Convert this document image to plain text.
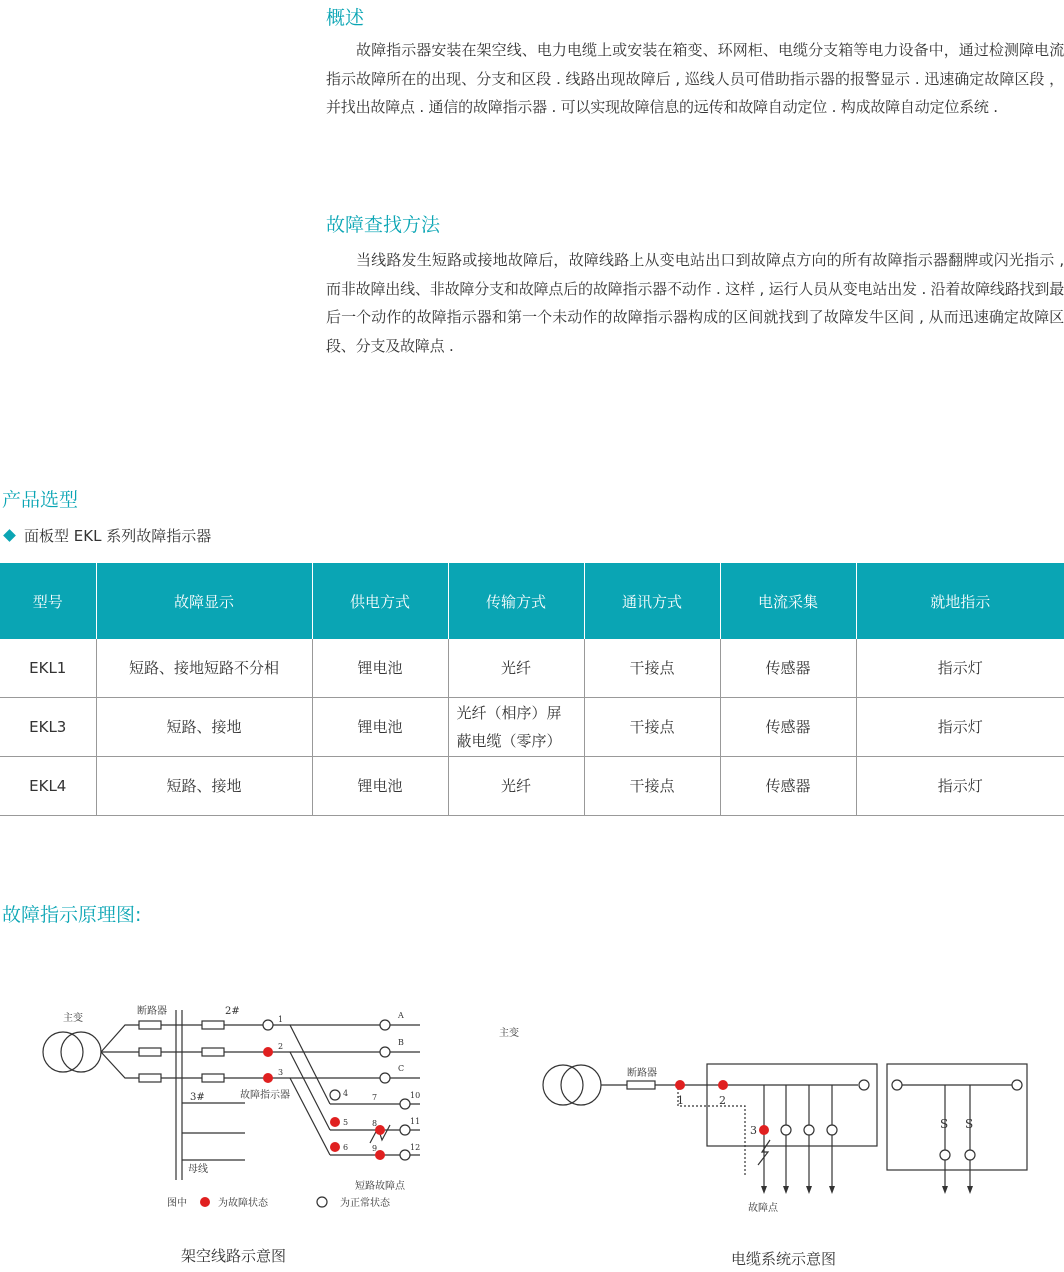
概述

故障指示器安装在架空线、电力电缆上或安装在箱变、环网柜、电缆分支箱等电力设备中，通过检测障电流指示故障所在的出现、分支和区段 . 线路出现故障后 , 巡线人员可借助指示器的报警显示 . 迅速确定故障区段 ， 并找出故障点 . 通信的故障指示器 . 可以实现故障信息的远传和故障自动定位 . 构成故障自动定位系统 .

故障查找方法

当线路发生短路或接地故障后，故障线路上从变电站出口到故障点方向的所有故障指示器翻牌或闪光指示 , 而非故障出线、非故障分支和故障点后的故障指示器不动作 . 这样 , 运行人员从变电站出发 . 沿着故障线路找到最后一个动作的故障指示器和第一个未动作的故障指示器构成的区间就找到了故障发牛区间 , 从而迅速确定故障区段、分支及故障点 .

产品选型
面板型 EKL 系列故障指示器
型号	故障显示	供电方式	传输方式	通讯方式	电流采集	就地指示
EKL1	短路、接地短路不分相	锂电池	光纤	干接点	传感器	指示灯
EKL3	短路、接地	锂电池	光纤（相序）屏蔽电缆（零序）	干接点	传感器	指示灯
EKL4	短路、接地	锂电池	光纤	干接点	传感器	指示灯
故障指示原理图:
主变
断路器	2#
3#
母线
故障指示器
短路故障点
图中	为故障状态	为正常状态
1
2
3
4
5
6
7
8
9
10
11
12
A
B
C
架空线路示意图
主变
断路器
故障点
1	2
3	S S
电缆系统示意图
